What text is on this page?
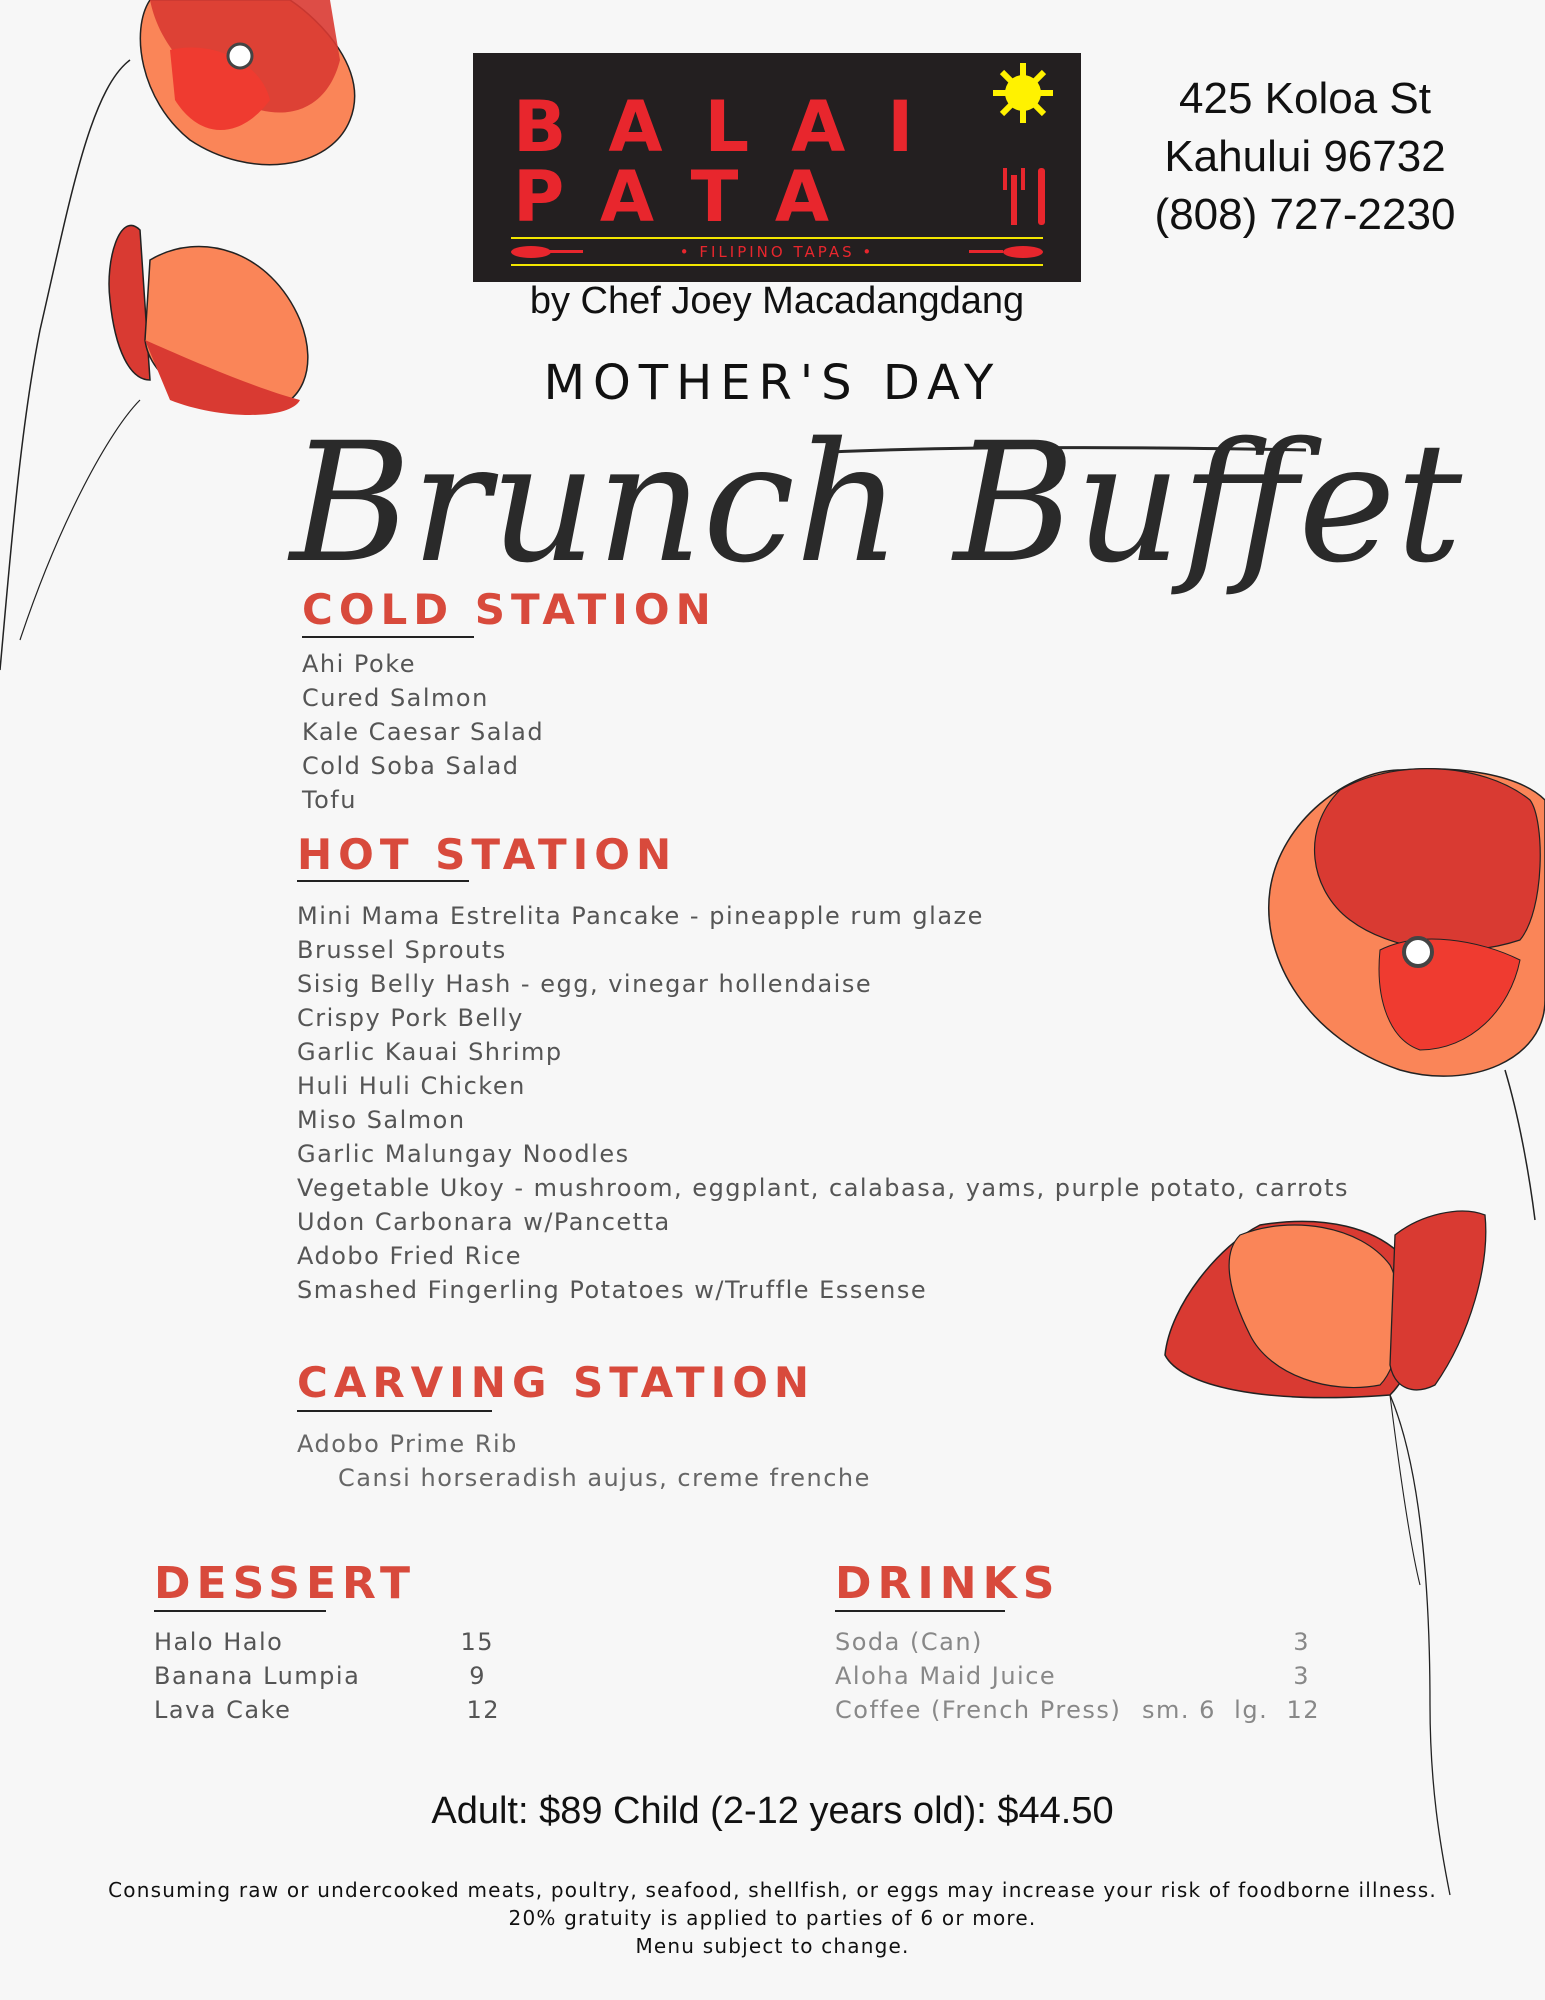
BALAI
PATA
• FILIPINO TAPAS •
by Chef Joey Macadangdang
425 Koloa St
Kahului 96732
(808) 727-2230
MOTHER'S DAY
Brunch Buffet
COLD STATION
Ahi Poke
Cured Salmon
Kale Caesar Salad
Cold Soba Salad
Tofu
HOT STATION
Mini Mama Estrelita Pancake - pineapple rum glaze
Brussel Sprouts
Sisig Belly Hash - egg, vinegar hollendaise
Crispy Pork Belly
Garlic Kauai Shrimp
Huli Huli Chicken
Miso Salmon
Garlic Malungay Noodles
Vegetable Ukoy - mushroom, eggplant, calabasa, yams, purple potato, carrots
Udon Carbonara w/Pancetta
Adobo Fried Rice
Smashed Fingerling Potatoes w/Truffle Essense
CARVING STATION
Adobo Prime Rib
Cansi horseradish aujus, creme frenche
DESSERT
Halo Halo	15
Banana Lumpia	9
Lava Cake	12
DRINKS
Soda (Can)	3
Aloha Maid Juice	3
Coffee (French Press) sm. 6  lg.  12
Adult: $89 Child (2-12 years old): $44.50
Consuming raw or undercooked meats, poultry, seafood, shellfish, or eggs may increase your risk of foodborne illness.
20% gratuity is applied to parties of 6 or more.
Menu subject to change.
